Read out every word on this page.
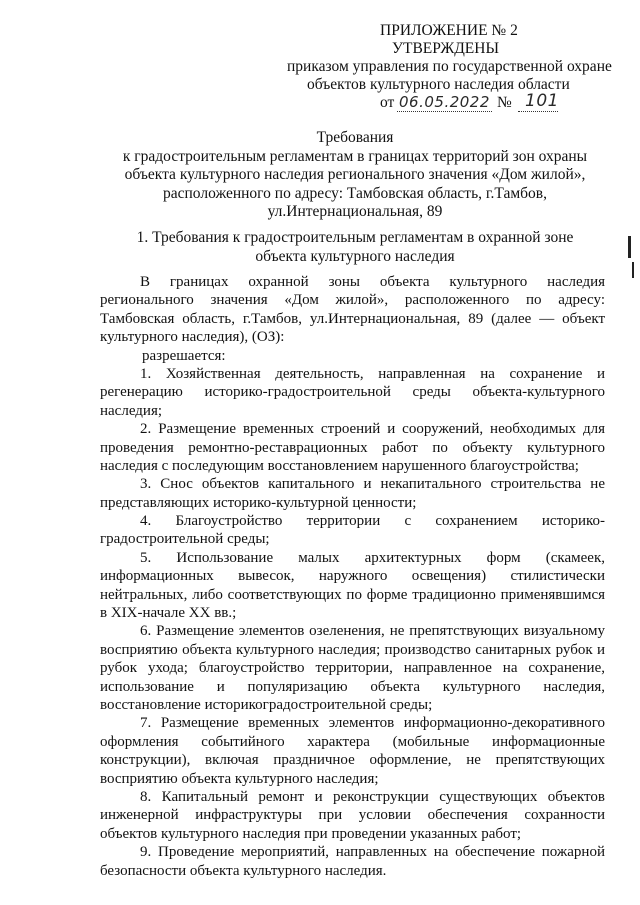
ПРИЛОЖЕНИЕ № 2
УТВЕРЖДЕНЫ
приказом управления по государственной охране
объектов культурного наследия области
от 06.05.2022 № 101
Требования
к градостроительным регламентам в границах территорий зон охраны
объекта культурного наследия регионального значения «Дом жилой»,
расположенного по адресу: Тамбовская область, г.Тамбов,
ул.Интернациональная, 89
1. Требования к градостроительным регламентам в охранной зоне
объекта культурного наследия
В границах охранной зоны объекта культурного наследия
регионального значения «Дом жилой», расположенного по адресу:
Тамбовская область, г.Тамбов, ул.Интернациональная, 89 (далее — объект
культурного наследия), (ОЗ):
разрешается:
1. Хозяйственная деятельность, направленная на сохранение и
регенерацию историко-градостроительной среды объекта-культурного
наследия;
2. Размещение временных строений и сооружений, необходимых для
проведения ремонтно-реставрационных работ по объекту культурного
наследия с последующим восстановлением нарушенного благоустройства;
3. Снос объектов капитального и некапитального строительства не
представляющих историко-культурной ценности;
4. Благоустройство территории с сохранением историко-
градостроительной среды;
5. Использование малых архитектурных форм (скамеек,
информационных вывесок, наружного освещения) стилистически
нейтральных, либо соответствующих по форме традиционно применявшимся
в XIX-начале XX вв.;
6. Размещение элементов озеленения, не препятствующих визуальному
восприятию объекта культурного наследия; производство санитарных рубок и
рубок ухода; благоустройство территории, направленное на сохранение,
использование и популяризацию объекта культурного наследия,
восстановление историкоградостроительной среды;
7. Размещение временных элементов информационно-декоративного
оформления событийного характера (мобильные информационные
конструкции), включая праздничное оформление, не препятствующих
восприятию объекта культурного наследия;
8. Капитальный ремонт и реконструкции существующих объектов
инженерной инфраструктуры при условии обеспечения сохранности
объектов культурного наследия при проведении указанных работ;
9. Проведение мероприятий, направленных на обеспечение пожарной
безопасности объекта культурного наследия.
